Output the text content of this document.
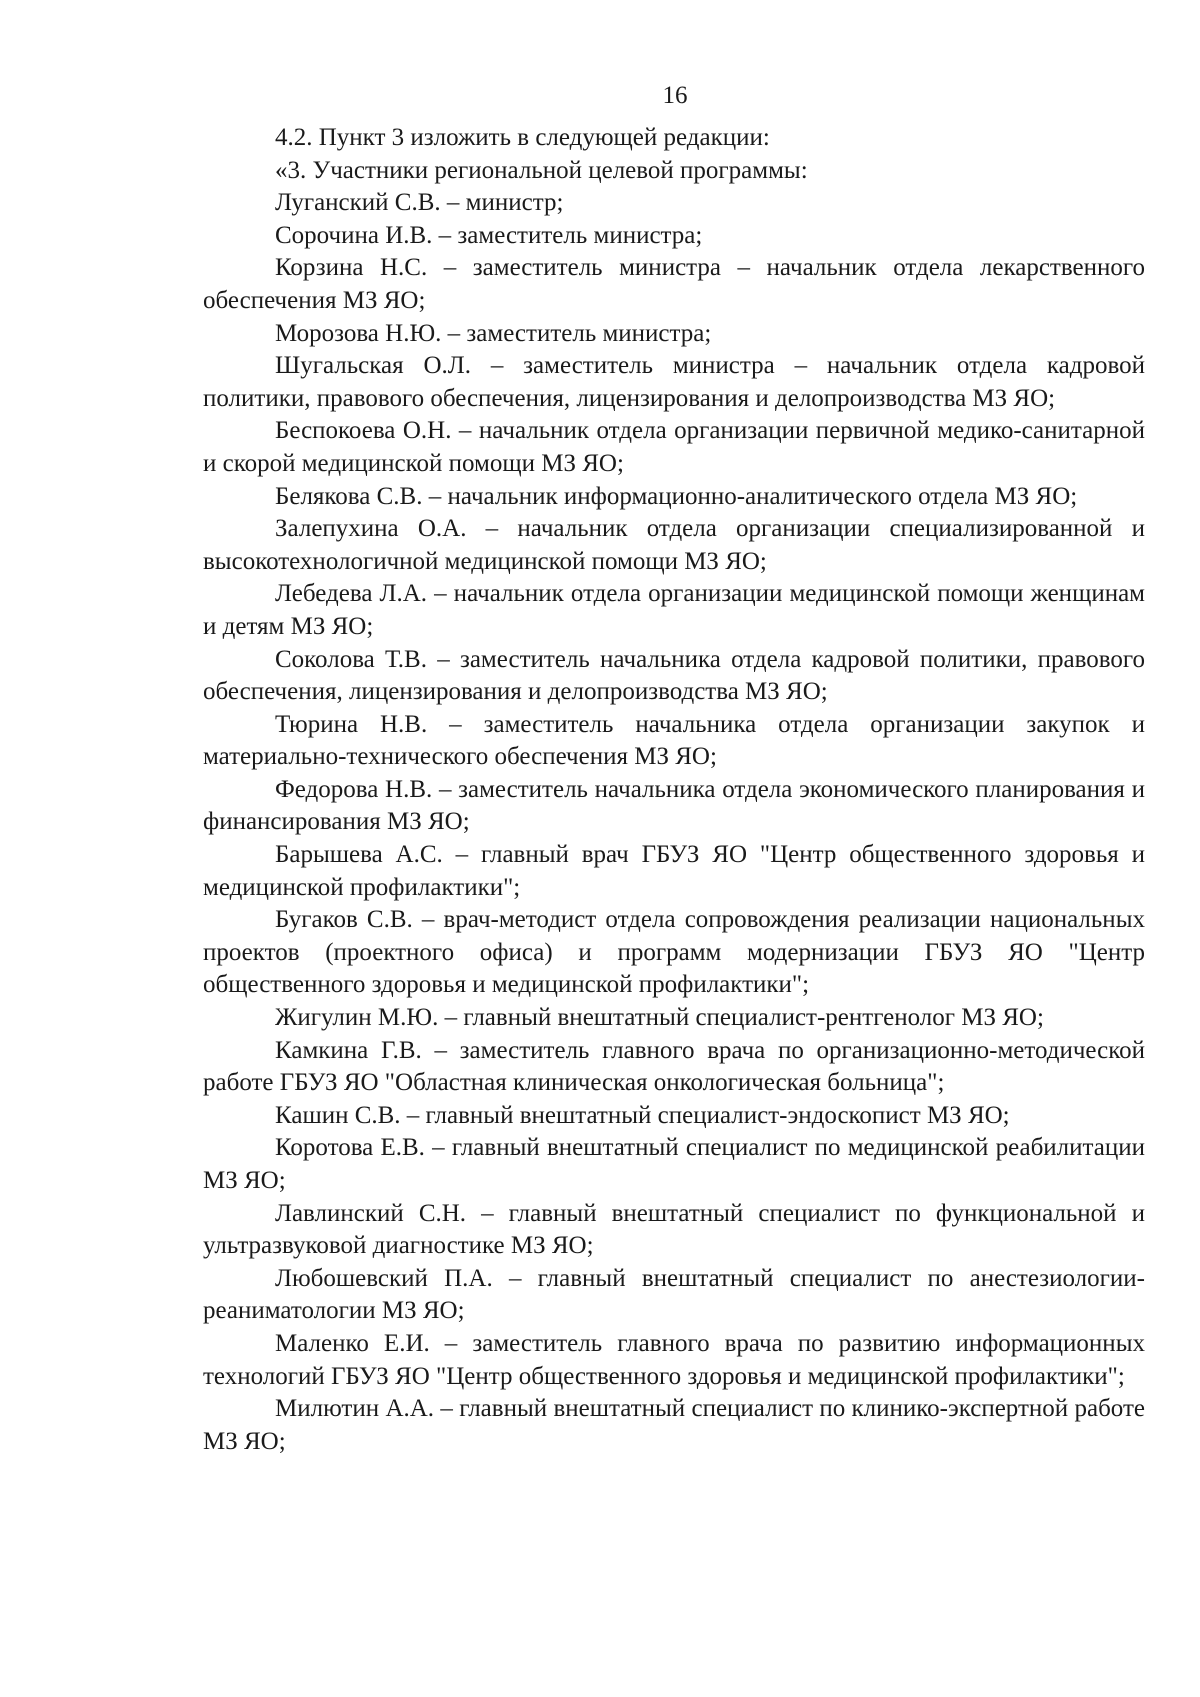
16

4.2. Пункт 3 изложить в следующей редакции:

«3. Участники региональной целевой программы:

Луганский С.В. – министр;

Сорочина И.В. – заместитель министра;

Корзина Н.С. – заместитель министра – начальник отдела лекарственного обеспечения МЗ ЯО;

Морозова Н.Ю. – заместитель министра;

Шугальская О.Л. – заместитель министра – начальник отдела кадровой политики, правового обеспечения, лицензирования и делопроизводства МЗ ЯО;

Беспокоева О.Н. – начальник отдела организации первичной медико-санитарной и скорой медицинской помощи МЗ ЯО;

Белякова С.В. – начальник информационно-аналитического отдела МЗ ЯО;

Залепухина О.А. – начальник отдела организации специализированной и высокотехнологичной медицинской помощи МЗ ЯО;

Лебедева Л.А. – начальник отдела организации медицинской помощи женщинам и детям МЗ ЯО;

Соколова Т.В. – заместитель начальника отдела кадровой политики, правового обеспечения, лицензирования и делопроизводства МЗ ЯО;

Тюрина Н.В. – заместитель начальника отдела организации закупок и материально-технического обеспечения МЗ ЯО;

Федорова Н.В. – заместитель начальника отдела экономического планирования и финансирования МЗ ЯО;

Барышева А.С. – главный врач ГБУЗ ЯО "Центр общественного здоровья и медицинской профилактики";

Бугаков С.В. – врач-методист отдела сопровождения реализации национальных проектов (проектного офиса) и программ модернизации ГБУЗ ЯО "Центр общественного здоровья и медицинской профилактики";

Жигулин М.Ю. – главный внештатный специалист-рентгенолог МЗ ЯО;

Камкина Г.В. – заместитель главного врача по организационно-методической работе ГБУЗ ЯО "Областная клиническая онкологическая больница";

Кашин С.В. – главный внештатный специалист-эндоскопист МЗ ЯО;

Коротова Е.В. – главный внештатный специалист по медицинской реабилитации МЗ ЯО;

Лавлинский С.Н. – главный внештатный специалист по функциональной и ультразвуковой диагностике МЗ ЯО;

Любошевский П.А. – главный внештатный специалист по анестезиологии-реаниматологии МЗ ЯО;

Маленко Е.И. – заместитель главного врача по развитию информационных технологий ГБУЗ ЯО "Центр общественного здоровья и медицинской профилактики";

Милютин А.А. – главный внештатный специалист по клинико-экспертной работе МЗ ЯО;
